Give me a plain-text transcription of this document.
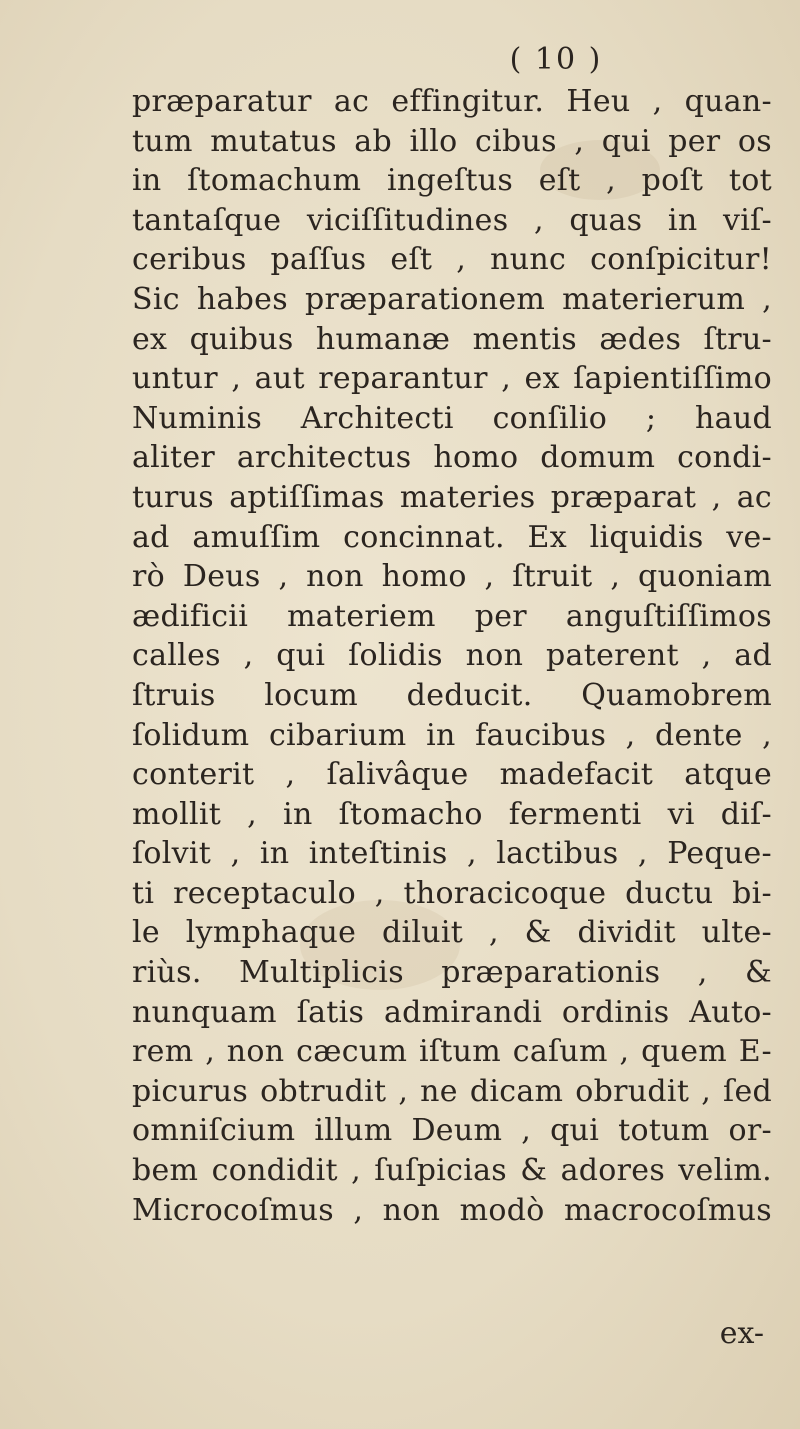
( 10 )
præparatur ac effingitur. Heu , quan-
tum mutatus ab illo cibus , qui per os
in ſtomachum ingeſtus eſt , poſt tot
tantaſque viciſſitudines , quas in viſ-
ceribus paſſus eſt , nunc conſpicitur!
Sic habes præparationem materierum ,
ex quibus humanæ mentis ædes ſtru-
untur , aut reparantur , ex ſapientiſſimo
Numinis Architecti conſilio ; haud
aliter architectus homo domum condi-
turus aptiſſimas materies præparat , ac
ad amuſſim concinnat. Ex liquidis ve-
rò Deus , non homo , ſtruit , quoniam
ædificii materiem per anguſtiſſimos
calles , qui ſolidis non paterent , ad
ſtruis locum deducit. Quamobrem
ſolidum cibarium in faucibus , dente ,
conterit , ſalivâque madefacit atque
mollit , in ſtomacho fermenti vi diſ-
ſolvit , in inteſtinis , lactibus , Peque-
ti receptaculo , thoracicoque ductu bi-
le lymphaque diluit , & dividit ulte-
riùs. Multiplicis præparationis , &
nunquam ſatis admirandi ordinis Auto-
rem , non cæcum iſtum caſum , quem E-
picurus obtrudit , ne dicam obrudit , ſed
omniſcium illum Deum , qui totum or-
bem condidit , ſuſpicias & adores velim.
Microcoſmus , non modò macrocoſmus
ex-
